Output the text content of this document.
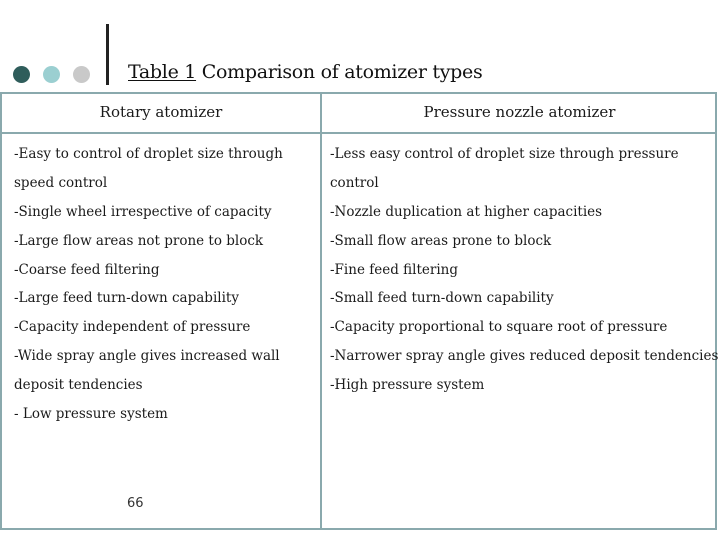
Table 1 Comparison of atomizer types
Rotary atomizer	Pressure nozzle atomizer
-Easy to control of droplet size through
speed control
-Single wheel irrespective of capacity
-Large flow areas not prone to block
-Coarse feed filtering
-Large feed turn-down capability
-Capacity independent of pressure
-Wide spray angle gives increased wall
deposit tendencies
- Low pressure system
-Less easy control of droplet size through pressure
control
-Nozzle duplication at higher capacities
-Small flow areas prone to block
-Fine feed filtering
-Small feed turn-down capability
-Capacity proportional to square root of pressure
-Narrower spray angle gives reduced deposit tendencies
-High pressure system
66
